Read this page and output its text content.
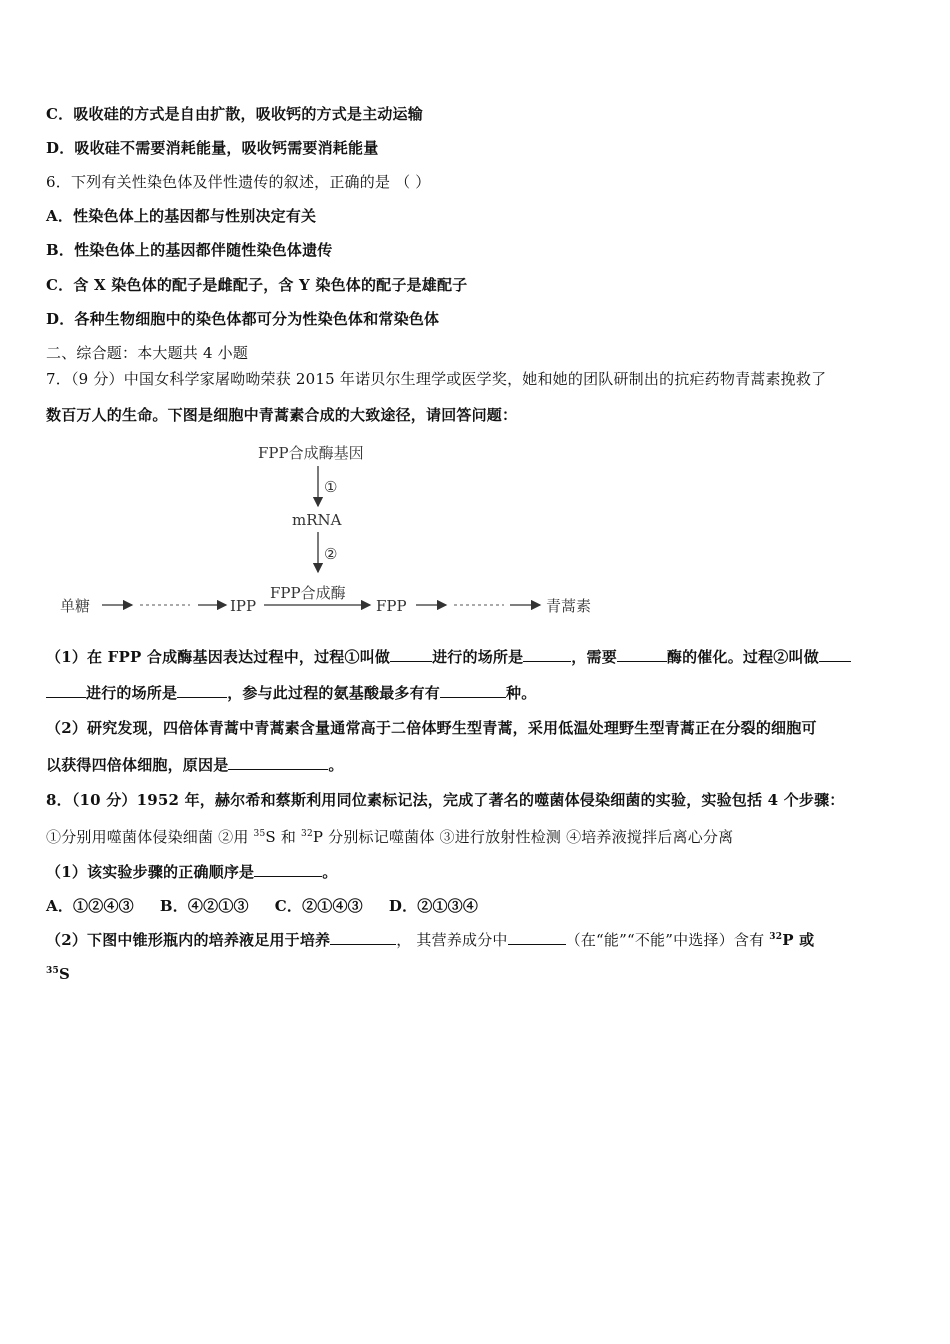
C．吸收硅的方式是自由扩散，吸收钙的方式是主动运输
D．吸收硅不需要消耗能量，吸收钙需要消耗能量
6．下列有关性染色体及伴性遗传的叙述，正确的是 （ ）
A．性染色体上的基因都与性别决定有关
B．性染色体上的基因都伴随性染色体遗传
C．含 X 染色体的配子是雌配子，含 Y 染色体的配子是雄配子
D．各种生物细胞中的染色体都可分为性染色体和常染色体
二、综合题：本大题共 4 小题
7．（9 分）中国女科学家屠呦呦荣获 2015 年诺贝尔生理学或医学奖，她和她的团队研制出的抗疟药物青蒿素挽救了
数百万人的生命。下图是细胞中青蒿素合成的大致途径，请回答问题：
FPP合成酶基因
①
mRNA
②
FPP合成酶
单糖	IPP	FPP	青蒿素
（1）在 FPP 合成酶基因表达过程中，过程①叫做	进行的场所是	，需要	酶的催化。过程②叫做
进行的场所是	，参与此过程的氨基酸最多有有	种。
（2）研究发现，四倍体青蒿中青蒿素含量通常高于二倍体野生型青蒿，采用低温处理野生型青蒿正在分裂的细胞可
以获得四倍体细胞，原因是	。
8．（10 分）1952 年，赫尔希和蔡斯利用同位素标记法，完成了著名的噬菌体侵染细菌的实验，实验包括 4 个步骤：
①分别用噬菌体侵染细菌 ②用 $^{35}$S 和 $^{32}$P 分别标记噬菌体 ③进行放射性检测 ④培养液搅拌后离心分离
（1）该实验步骤的正确顺序是	。
A．①②④③ B．④②①③ C．②①④③ D．②①③④
（2）下图中锥形瓶内的培养液足用于培养	， 其营养成分中	（在“能”“不能”中选择）含有 $^{32}$P 或
$^{35}$S
